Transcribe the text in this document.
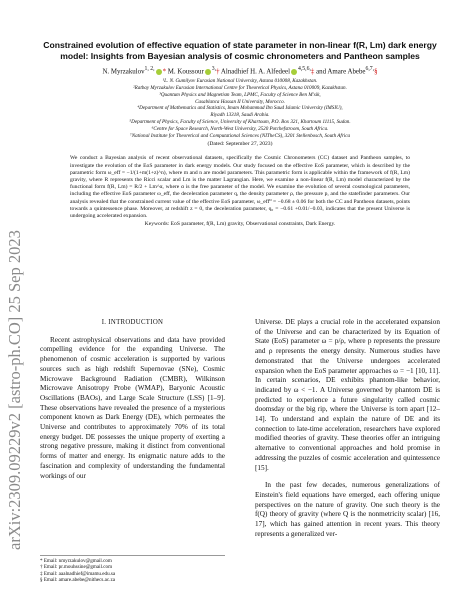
arXiv:2309.09229v2 [astro-ph.CO] 25 Sep 2023
Constrained evolution of effective equation of state parameter in non-linear f(R, Lm) dark energy model: Insights from Bayesian analysis of cosmic chronometers and Pantheon samples
N. Myrzakulov$^{1, 2,}$ * M. Koussour $^{3,}$† Alnadhief H. A. Alfedeel $^{4,5,6,}$‡ and Amare Abebe$^{6,7,}$§
¹L. N. Gumilyov Eurasian National University, Astana 010008, Kazakhstan.
²Ratbay Myrzakulov Eurasian International Centre for Theoretical Physics, Astana 010009, Kazakhstan.
³Quantum Physics and Magnetism Team, LPMC, Faculty of Science Ben M'sik,
Casablanca Hassan II University, Morocco.
⁴Department of Mathematics and Statistics, Imam Mohammad Ibn Saud Islamic University (IMSIU),
Riyadh 13318, Saudi Arabia.
⁵Department of Physics, Faculty of Science, University of Khartoum, P.O. Box 321, Khartoum 11115, Sudan.
⁶Centre for Space Research, North-West University, 2520 Potchefstroom, South Africa.
⁷National Institute for Theoretical and Computational Sciences (NITheCS), 3201 Stellenbosch, South Africa
(Dated: September 27, 2023)
We conduct a Bayesian analysis of recent observational datasets, specifically the Cosmic Chronometers (CC) dataset and Pantheon samples, to investigate the evolution of the EoS parameter in dark energy models. Our study focused on the effective EoS parameter, which is described by the parametric form ω_eff = −1/(1+m(1+z)^n), where m and n are model parameters. This parametric form is applicable within the framework of f(R, Lm) gravity, where R represents the Ricci scalar and Lm is the matter Lagrangian. Here, we examine a non-linear f(R, Lm) model characterized by the functional form f(R, Lm) = R/2 + Lm^α, where α is the free parameter of the model. We examine the evolution of several cosmological parameters, including the effective EoS parameter ω_eff, the deceleration parameter q, the density parameter ρ, the pressure p, and the statefinder parameters. Our analysis revealed that the constrained current value of the effective EoS parameter, ω_eff⁰ = −0.68 ± 0.06 for both the CC and Pantheon datasets, points towards a quintessence phase. Moreover, at redshift z = 0, the deceleration parameter, q₀ = −0.61 +0.01/−0.03, indicates that the present Universe is undergoing accelerated expansion.
Keywords: EoS parameter, f(R, Lm) gravity, Observational constraints, Dark Energy.
I. INTRODUCTION

Recent astrophysical observations and data have provided compelling evidence for the expanding Universe. The phenomenon of cosmic acceleration is supported by various sources such as high redshift Supernovae (SNe), Cosmic Microwave Background Radiation (CMBR), Wilkinson Microwave Anisotropy Probe (WMAP), Baryonic Acoustic Oscillations (BAOs), and Large Scale Structure (LSS) [1–9]. These observations have revealed the presence of a mysterious component known as Dark Energy (DE), which permeates the Universe and contributes to approximately 70% of its total energy budget. DE possesses the unique property of exerting a strong negative pressure, making it distinct from conventional forms of matter and energy. Its enigmatic nature adds to the fascination and complexity of understanding the fundamental workings of our

Universe. DE plays a crucial role in the accelerated expansion of the Universe and can be characterized by its Equation of State (EoS) parameter ω = p/ρ, where p represents the pressure and ρ represents the energy density. Numerous studies have demonstrated that the Universe undergoes accelerated expansion when the EoS parameter approaches ω = −1 [10, 11]. In certain scenarios, DE exhibits phantom-like behavior, indicated by ω < −1. A Universe governed by phantom DE is predicted to experience a future singularity called cosmic doomsday or the big rip, where the Universe is torn apart [12–14]. To understand and explain the nature of DE and its connection to late-time acceleration, researchers have explored modified theories of gravity. These theories offer an intriguing alternative to conventional approaches and hold promise in addressing the puzzles of cosmic acceleration and quintessence [15].

In the past few decades, numerous generalizations of Einstein's field equations have emerged, each offering unique perspectives on the nature of gravity. One such theory is the f(Q) theory of gravity (where Q is the nonmetricity scalar) [16, 17], which has gained attention in recent years. This theory represents a generalized ver-

* Email: nmyrzakulov@gmail.com
† Email: pr.mouhssine@gmail.com
‡ Email: aaalnadhief@imamu.edu.sa
§ Email: amare.abebe@nithecs.ac.za
